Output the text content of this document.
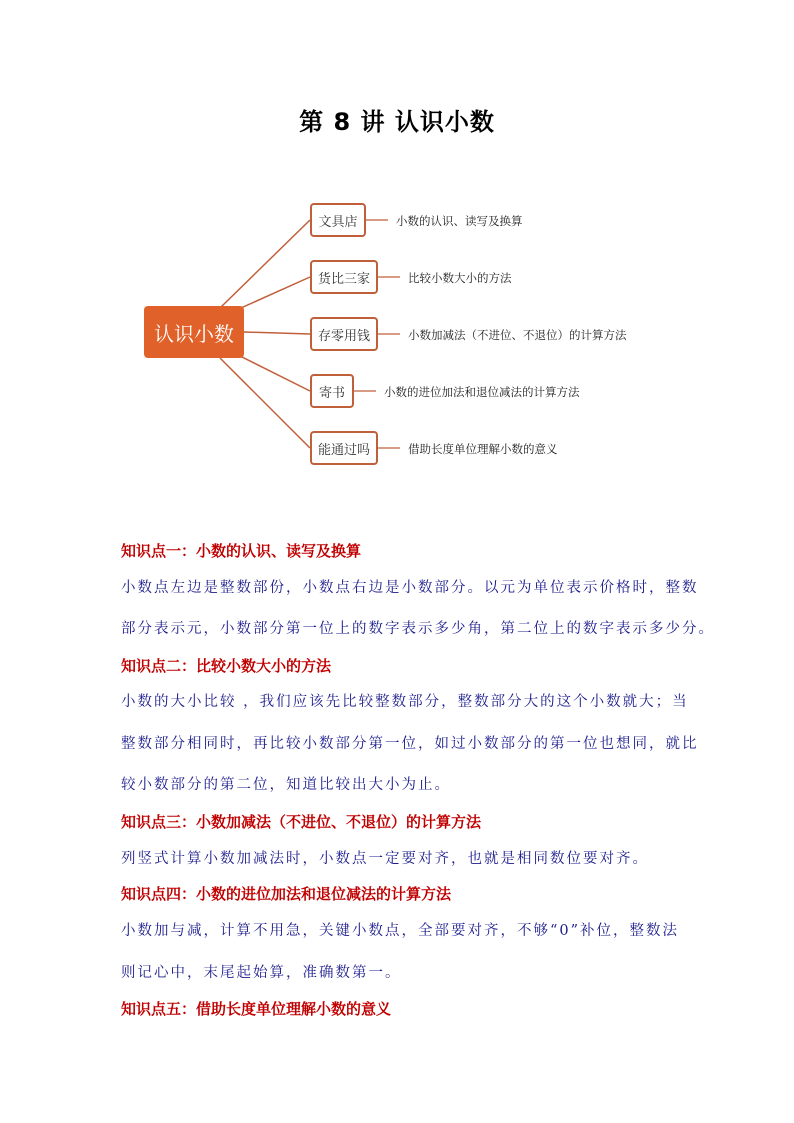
第 8 讲 认识小数
认识小数
文具店	小数的认识、读写及换算
货比三家	比较小数大小的方法
存零用钱	小数加减法（不进位、不退位）的计算方法
寄书	小数的进位加法和退位减法的计算方法
能通过吗	借助长度单位理解小数的意义
知识点一：小数的认识、读写及换算
小数点左边是整数部份，小数点右边是小数部分。以元为单位表示价格时，整数
部分表示元，小数部分第一位上的数字表示多少角，第二位上的数字表示多少分。
知识点二：比较小数大小的方法
小数的大小比较 ，我们应该先比较整数部分，整数部分大的这个小数就大；当
整数部分相同时，再比较小数部分第一位，如过小数部分的第一位也想同，就比
较小数部分的第二位，知道比较出大小为止。
知识点三：小数加减法（不进位、不退位）的计算方法
列竖式计算小数加减法时，小数点一定要对齐，也就是相同数位要对齐。
知识点四：小数的进位加法和退位减法的计算方法
小数加与减，计算不用急，关键小数点，全部要对齐，不够“0”补位，整数法
则记心中，末尾起始算，准确数第一。
知识点五：借助长度单位理解小数的意义
